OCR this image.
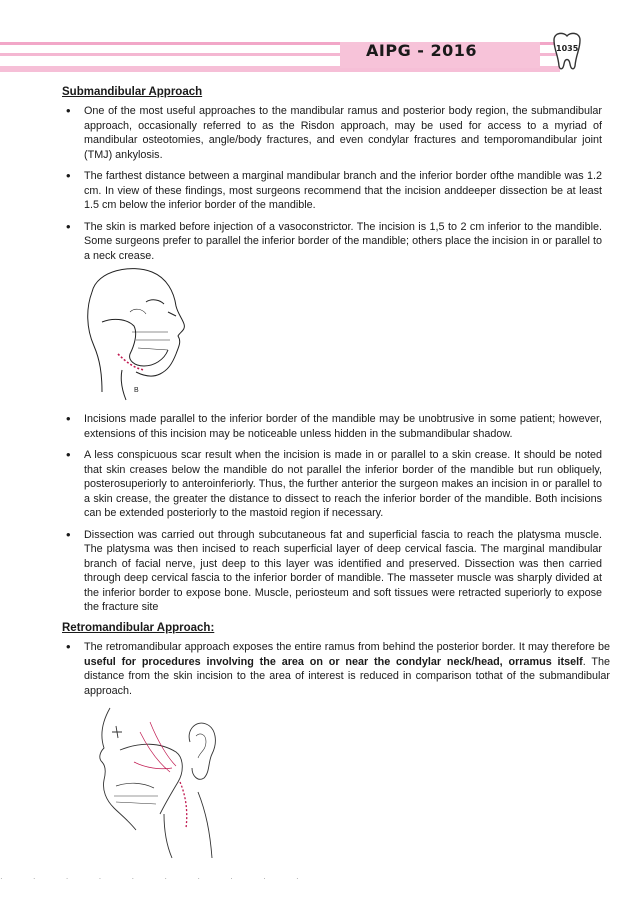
AIPG - 2016	1035
Submandibular Approach
• One of the most useful approaches to the mandibular ramus and posterior body region, the submandibular approach, occasionally referred to as the Risdon approach, may be used for access to a myriad of mandibular osteotomies, angle/body fractures, and even condylar fractures and temporomandibular joint (TMJ) ankylosis.
• The farthest distance between a marginal mandibular branch and the inferior border ofthe mandible was 1.2 cm. In view of these findings, most surgeons recommend that the incision anddeeper dissection be at least 1.5 cm below the inferior border of the mandible.
• The skin is marked before injection of a vasoconstrictor. The incision is 1,5 to 2 cm inferior to the mandible. Some surgeons prefer to parallel the inferior border of the mandible; others place the incision in or parallel to a neck crease.
B
• Incisions made parallel to the inferior border of the mandible may be unobtrusive in some patient; however, extensions of this incision may be noticeable unless hidden in the submandibular shadow.
• A less conspicuous scar result when the incision is made in or parallel to a skin crease. It should be noted that skin creases below the mandible do not parallel the inferior border of the mandible but run obliquely, posterosuperiorly to anteroinferiorly. Thus, the further anterior the surgeon makes an incision in or parallel to a skin crease, the greater the distance to dissect to reach the inferior border of the mandible. Both incisions can be extended posteriorly to the mastoid region if necessary.
• Dissection was carried out through subcutaneous fat and superficial fascia to reach the platysma muscle. The platysma was then incised to reach superficial layer of deep cervical fascia. The marginal mandibular branch of facial nerve, just deep to this layer was identified and preserved. Dissection was then carried through deep cervical fascia to the inferior border of mandible. The masseter muscle was sharply divided at the inferior border to expose bone. Muscle, periosteum and soft tissues were retracted superiorly to expose the fracture site
Retromandibular Approach:
• The retromandibular approach exposes the entire ramus from behind the posterior border. It may therefore be useful for procedures involving the area on or near the condylar neck/head, orramus itself. The distance from the skin incision to the area of interest is reduced in comparison tothat of the submandibular approach.
· · · · · · · · · ·
